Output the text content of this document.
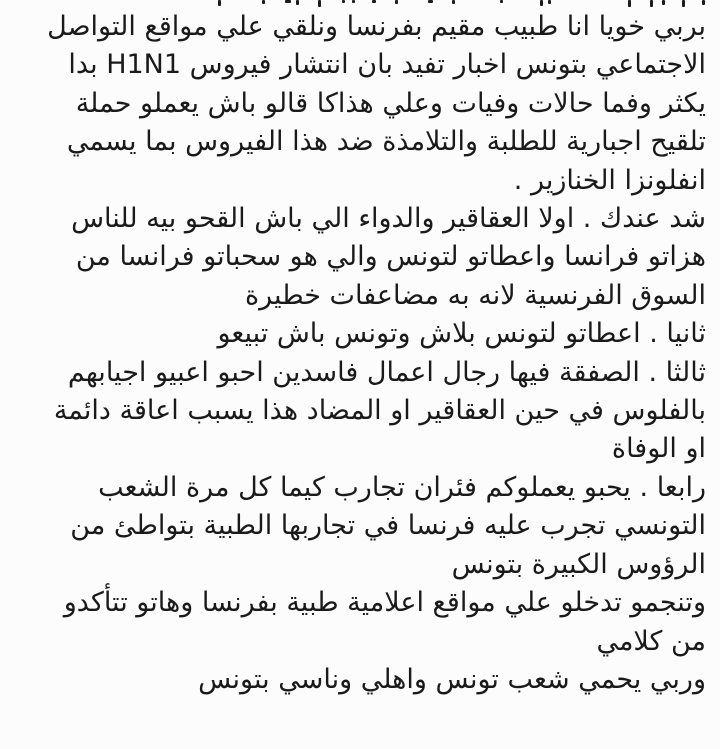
بربي خويا انا طبيب مقيم بفرنسا ونلقي علي مواقع التواصل
الاجتماعي بتونس اخبار تفيد بان انتشار فيروس H1N1 بدا
يكثر وفما حالات وفيات وعلي هذاكا قالو باش يعملو حملة
تلقيح اجبارية للطلبة والتلامذة ضد هذا الفيروس بما يسمي
انفلونزا الخنازير .
شد عندك . اولا العقاقير والدواء الي باش القحو بيه للناس
هزاتو فرانسا واعطاتو لتونس والي هو سحباتو فرانسا من
السوق الفرنسية لانه به مضاعفات خطيرة
ثانيا . اعطاتو لتونس بلاش وتونس باش تبيعو
ثالثا . الصفقة فيها رجال اعمال فاسدين احبو اعبيو اجيابهم
بالفلوس في حين العقاقير او المضاد هذا يسبب اعاقة دائمة
او الوفاة
رابعا . يحبو يعملوكم فئران تجارب كيما كل مرة الشعب
التونسي تجرب عليه فرنسا في تجاربها الطبية بتواطئ من
الرؤوس الكبيرة بتونس
وتنجمو تدخلو علي مواقع اعلامية طبية بفرنسا وهاتو تتأكدو
من كلامي
وربي يحمي شعب تونس واهلي وناسي بتونس
